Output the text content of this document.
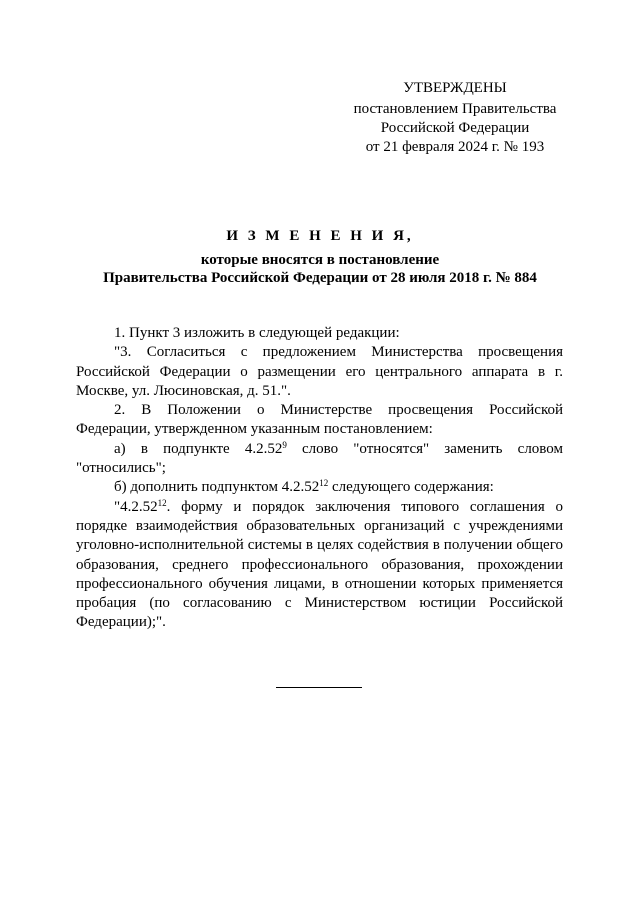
УТВЕРЖДЕНЫ
постановлением Правительства
Российской Федерации
от 21 февраля 2024 г. № 193
И З М Е Н Е Н И Я,
которые вносятся в постановление
Правительства Российской Федерации от 28 июля 2018 г. № 884

1. Пункт 3 изложить в следующей редакции:

"3. Согласиться с предложением Министерства просвещения Российской Федерации о размещении его центрального аппарата в г. Москве, ул. Люсиновская, д. 51.".

2. В Положении о Министерстве просвещения Российской Федерации, утвержденном указанным постановлением:

а) в подпункте 4.2.52$^9$ слово "относятся" заменить словом "относились";

б) дополнить подпунктом 4.2.52$^{12}$ следующего содержания:

"4.2.52$^{12}$. форму и порядок заключения типового соглашения о порядке взаимодействия образовательных организаций с учреждениями уголовно-исполнительной системы в целях содействия в получении общего образования, среднего профессионального образования, прохождении профессионального обучения лицами, в отношении которых применяется пробация (по согласованию с Министерством юстиции Российской Федерации);".
